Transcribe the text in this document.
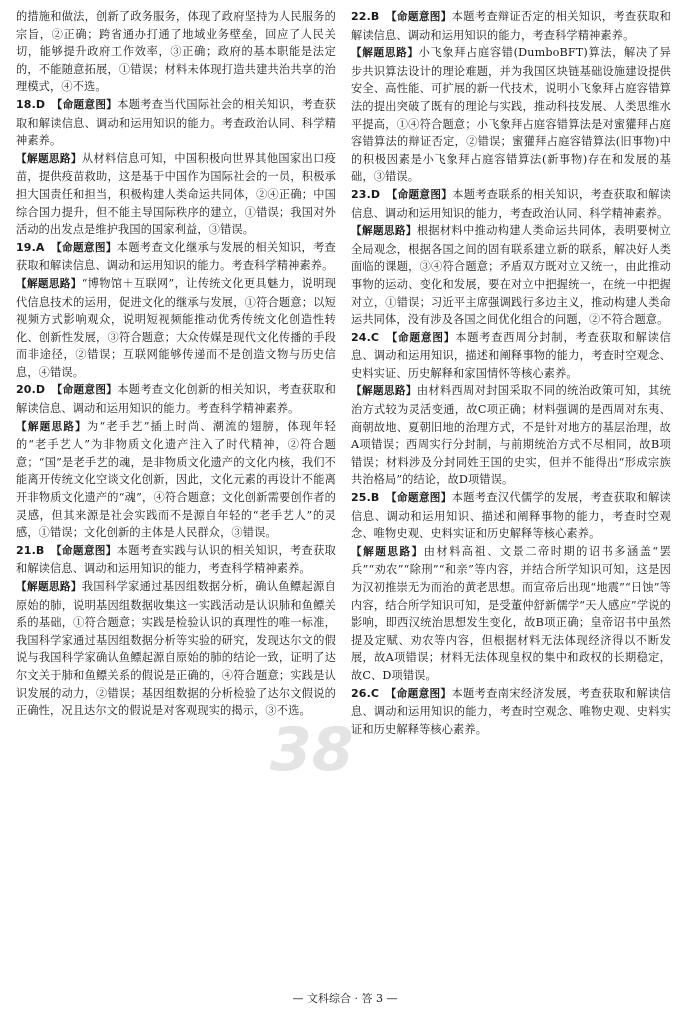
的措施和做法，创新了政务服务，体现了政府坚持为人民服务的宗旨，②正确；跨省通办打通了地域业务壁垒，回应了人民关切，能够提升政府工作效率，③正确；政府的基本职能是法定的，不能随意拓展，①错误；材料未体现打造共建共治共享的治理模式，④不选。

18.D　 【命题意图】本题考查当代国际社会的相关知识，考查获取和解读信息、调动和运用知识的能力。考查政治认同、科学精神素养。

【解题思路】从材料信息可知，中国积极向世界其他国家出口疫苗，提供疫苗救助，这是基于中国作为国际社会的一员，积极承担大国责任和担当，积极构建人类命运共同体，②④正确；中国综合国力提升，但不能主导国际秩序的建立，①错误；我国对外活动的出发点是维护我国的国家利益，③错误。

19.A　 【命题意图】本题考查文化继承与发展的相关知识，考查获取和解读信息、调动和运用知识的能力。考查科学精神素养。

【解题思路】“博物馆＋互联网”，让传统文化更具魅力，说明现代信息技术的运用，促进文化的继承与发展，①符合题意；以短视频方式影响观众，说明短视频能推动优秀传统文化创造性转化、创新性发展，③符合题意；大众传媒是现代文化传播的手段而非途径，②错误；互联网能够传递而不是创造文物与历史信息，④错误。

20.D　 【命题意图】本题考查文化创新的相关知识，考查获取和解读信息、调动和运用知识的能力。考查科学精神素养。

【解题思路】为“老手艺”插上时尚、潮流的翅膀，体现年轻的“老手艺人”为非物质文化遗产注入了时代精神，②符合题意；“国”是老手艺的魂，是非物质文化遗产的文化内核，我们不能离开传统文化空谈文化创新，因此，文化元素的再设计不能离开非物质文化遗产的“魂”，④符合题意；文化创新需要创作者的灵感，但其来源是社会实践而不是源自年轻的“老手艺人”的灵感，①错误；文化创新的主体是人民群众，③错误。

21.B　 【命题意图】本题考查实践与认识的相关知识，考查获取和解读信息、调动和运用知识的能力，考查科学精神素养。

【解题思路】我国科学家通过基因组数据分析，确认鱼鳔起源自原始的肺，说明基因组数据收集这一实践活动是认识肺和鱼鳔关系的基础，①符合题意；实践是检验认识的真理性的唯一标准，我国科学家通过基因组数据分析等实验的研究，发现达尔文的假说与我国科学家确认鱼鳔起源自原始的肺的结论一致，证明了达尔文关于肺和鱼鳔关系的假说是正确的，④符合题意；实践是认识发展的动力，②错误；基因组数据的分析检验了达尔文假说的正确性，况且达尔文的假说是对客观现实的揭示，③不选。

22.B　 【命题意图】本题考查辩证否定的相关知识，考查获取和解读信息、调动和运用知识的能力，考查科学精神素养。

【解题思路】小飞象拜占庭容错(DumboBFT)算法，解决了异步共识算法设计的理论难题，并为我国区块链基础设施建设提供安全、高性能、可扩展的新一代技术，说明小飞象拜占庭容错算法的提出突破了既有的理论与实践，推动科技发展、人类思维水平提高，①④符合题意；小飞象拜占庭容错算法是对蜜獾拜占庭容错算法的辩证否定，②错误；蜜獾拜占庭容错算法(旧事物)中的积极因素是小飞象拜占庭容错算法(新事物)存在和发展的基础，③错误。

23.D　 【命题意图】本题考查联系的相关知识，考查获取和解读信息、调动和运用知识的能力，考查政治认同、科学精神素养。

【解题思路】根据材料中推动构建人类命运共同体，表明要树立全局观念，根据各国之间的固有联系建立新的联系，解决好人类面临的课题，③④符合题意；矛盾双方既对立又统一，由此推动事物的运动、变化和发展，要在对立中把握统一，在统一中把握对立，①错误；习近平主席强调践行多边主义，推动构建人类命运共同体，没有涉及各国之间优化组合的问题，②不符合题意。

24.C　 【命题意图】本题考查西周分封制，考查获取和解读信息、调动和运用知识，描述和阐释事物的能力，考查时空观念、史料实证、历史解释和家国情怀等核心素养。

【解题思路】由材料西周对封国采取不同的统治政策可知，其统治方式较为灵活变通，故C项正确；材料强调的是西周对东夷、商朝故地、夏朝旧地的治理方式，不是针对地方的基层治理，故A项错误；西周实行分封制，与前期统治方式不尽相同，故B项错误；材料涉及分封同姓王国的史实，但并不能得出“形成宗族共治格局”的结论，故D项错误。

25.B　 【命题意图】本题考查汉代儒学的发展，考查获取和解读信息、调动和运用知识、描述和阐释事物的能力，考查时空观念、唯物史观、史料实证和历史解释等核心素养。

【解题思路】由材料高祖、文景二帝时期的诏书多涵盖“罢兵”“劝农”“除刑”“和亲”等内容，并结合所学知识可知，这是因为汉初推崇无为而治的黄老思想。而宣帝后出现“地震”“日蚀”等内容，结合所学知识可知，是受董仲舒新儒学“天人感应”学说的影响，即西汉统治思想发生变化，故B项正确；皇帝诏书中虽然提及定赋、劝农等内容，但根据材料无法体现经济得以不断发展，故A项错误；材料无法体现皇权的集中和政权的长期稳定，故C、D项错误。

26.C　 【命题意图】本题考查南宋经济发展，考查获取和解读信息、调动和运用知识的能力，考查时空观念、唯物史观、史料实证和历史解释等核心素养。

38
— 文科综合 · 答 3 —
